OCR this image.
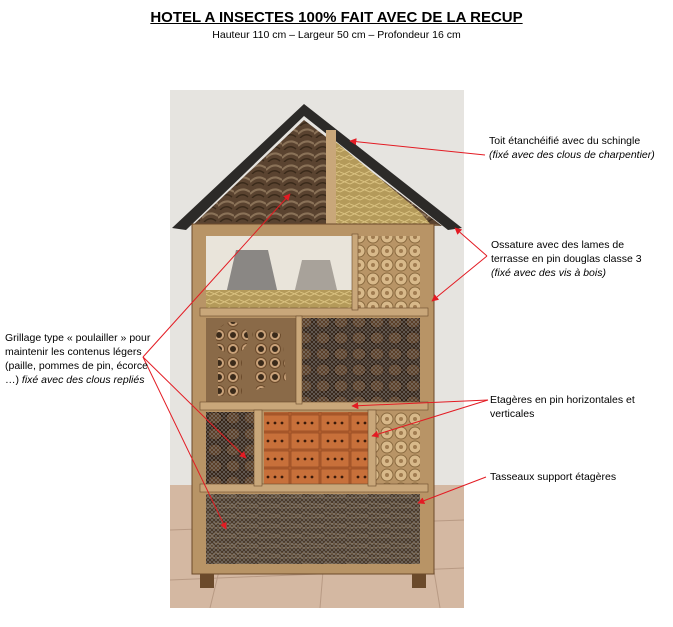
HOTEL A INSECTES 100% FAIT AVEC DE LA RECUP
Hauteur 110 cm – Largeur 50 cm – Profondeur 16 cm
Toit étanchéifié avec du schingle (fixé avec des clous de charpentier)
Ossature avec des lames de terrasse en pin douglas classe 3 (fixé avec des vis à bois)
Grillage type « poulailler » pour maintenir les contenus légers (paille, pommes de pin, écorce …) fixé avec des clous repliés
Etagères en pin horizontales et verticales
Tasseaux support étagères
